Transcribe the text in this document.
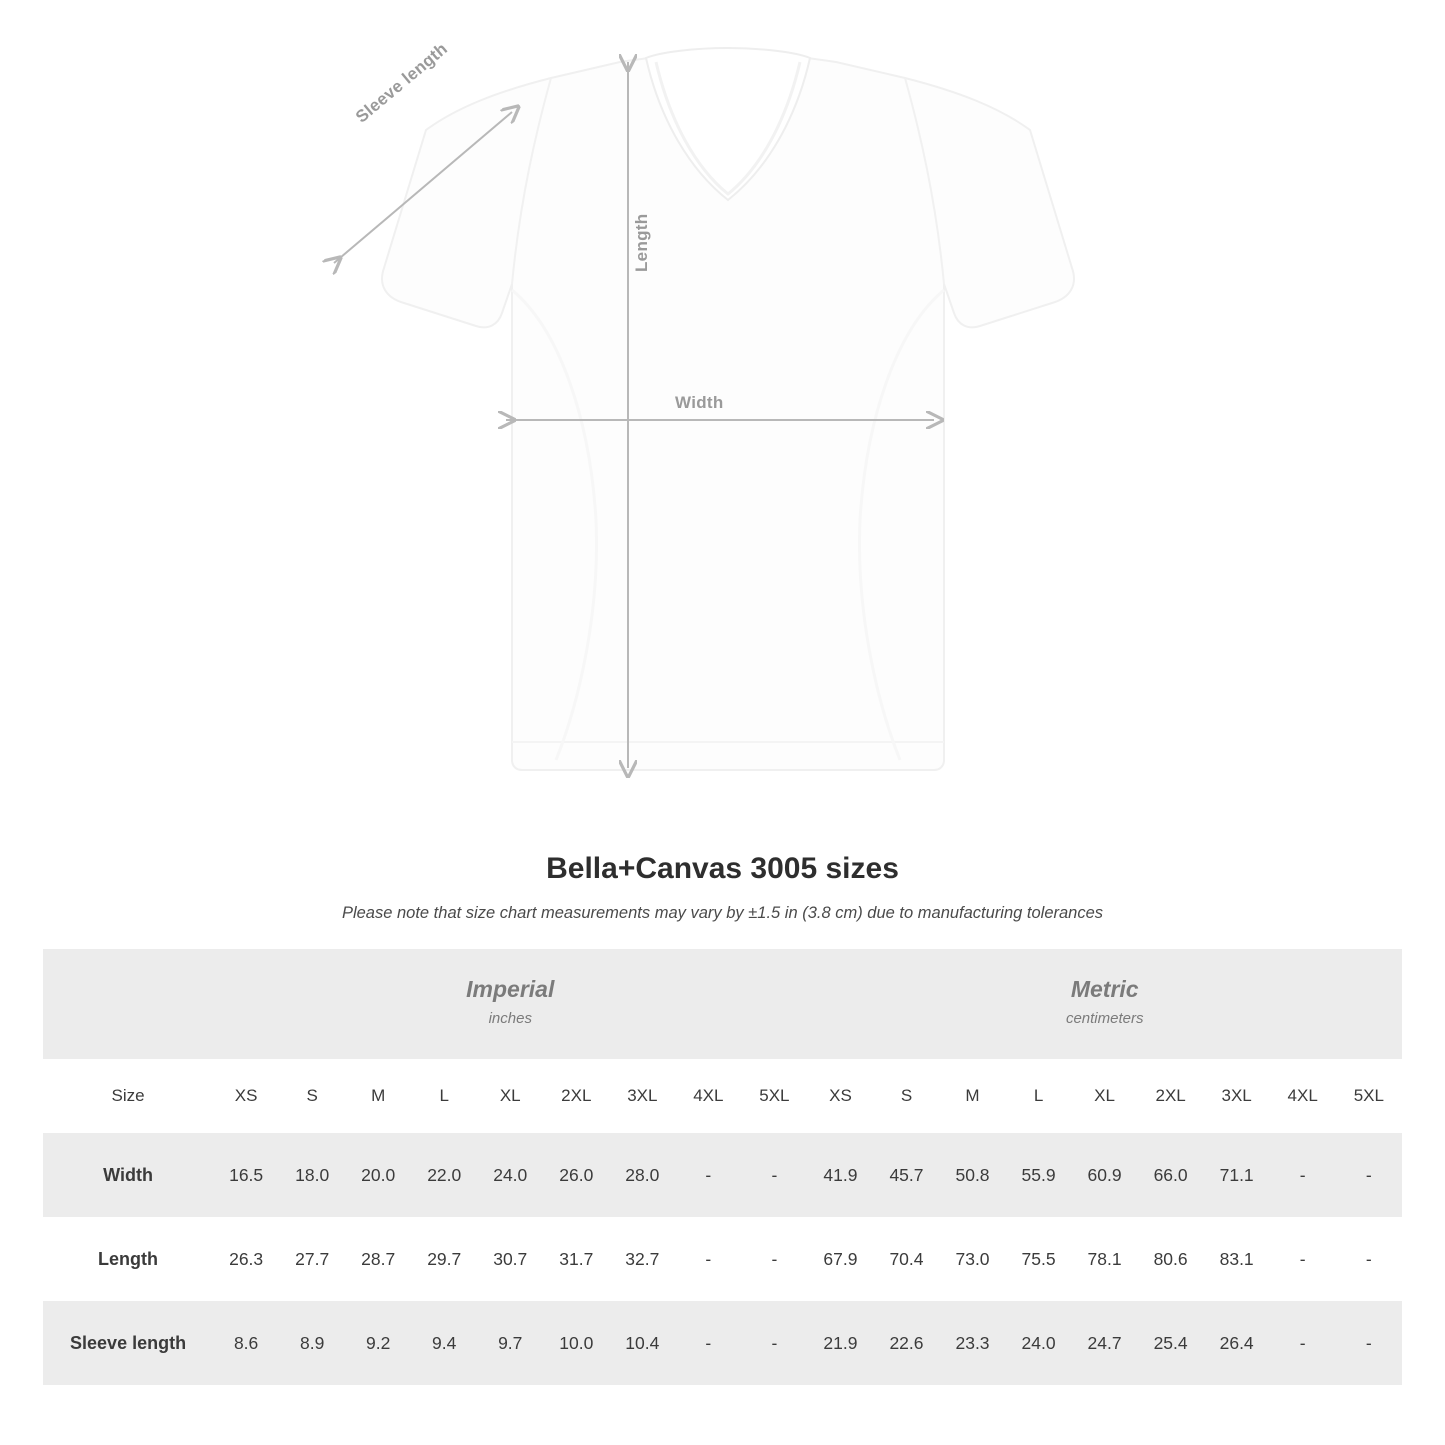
Sleeve length
Length
Width
Bella+Canvas 3005 sizes
Please note that size chart measurements may vary by ±1.5 in (3.8 cm) due to manufacturing tolerances

Imperial
inches

Metric
centimeters

Size	XS	S	M	L	XL	2XL	3XL	4XL	5XL	XS	S	M	L	XL	2XL	3XL	4XL	5XL
Width	16.5	18.0	20.0	22.0	24.0	26.0	28.0	-	-	41.9	45.7	50.8	55.9	60.9	66.0	71.1	-	-
Length	26.3	27.7	28.7	29.7	30.7	31.7	32.7	-	-	67.9	70.4	73.0	75.5	78.1	80.6	83.1	-	-
Sleeve length	8.6	8.9	9.2	9.4	9.7	10.0	10.4	-	-	21.9	22.6	23.3	24.0	24.7	25.4	26.4	-	-
